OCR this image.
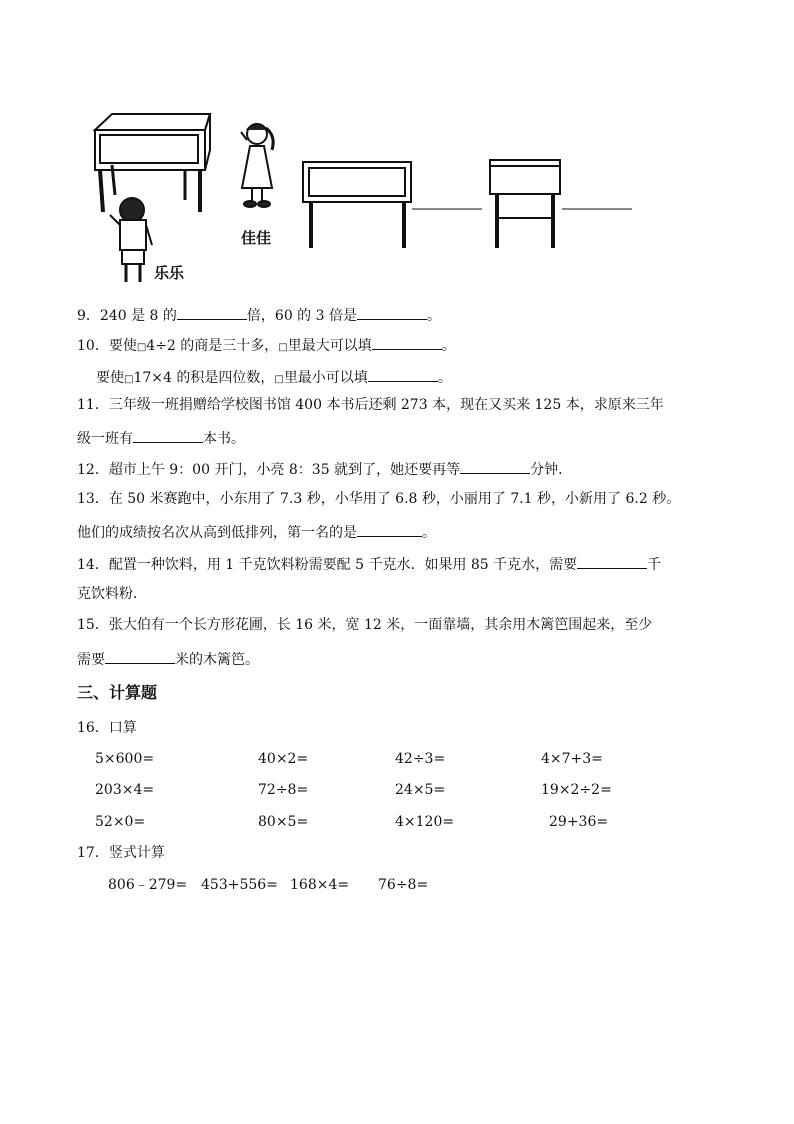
乐乐
佳佳
9．240 是 8 的	倍，60 的 3 倍是	。
10．要使□4÷2 的商是三十多，□里最大可以填	。
要使□17×4 的积是四位数，□里最小可以填	。
11．三年级一班捐赠给学校图书馆 400 本书后还剩 273 本，现在又买来 125 本，求原来三年
级一班有	本书。
12．超市上午 9：00 开门，小亮 8：35 就到了，她还要再等	分钟．
13．在 50 米赛跑中，小东用了 7.3 秒，小华用了 6.8 秒，小丽用了 7.1 秒，小新用了 6.2 秒。
他们的成绩按名次从高到低排列，第一名的是	。
14．配置一种饮料，用 1 千克饮料粉需要配 5 千克水．如果用 85 千克水，需要	千
克饮料粉．
15．张大伯有一个长方形花圃，长 16 米，宽 12 米，一面靠墙，其余用木篱笆围起来，至少
需要	米的木篱笆。
三、计算题
16．口算
5×600=	40×2=	42÷3=	4×7+3=
203×4=	72÷8=	24×5=	19×2÷2=
52×0=	80×5=	4×120=	29+36=
17．竖式计算
806﹣279= 453+556= 168×4= 76÷8=
